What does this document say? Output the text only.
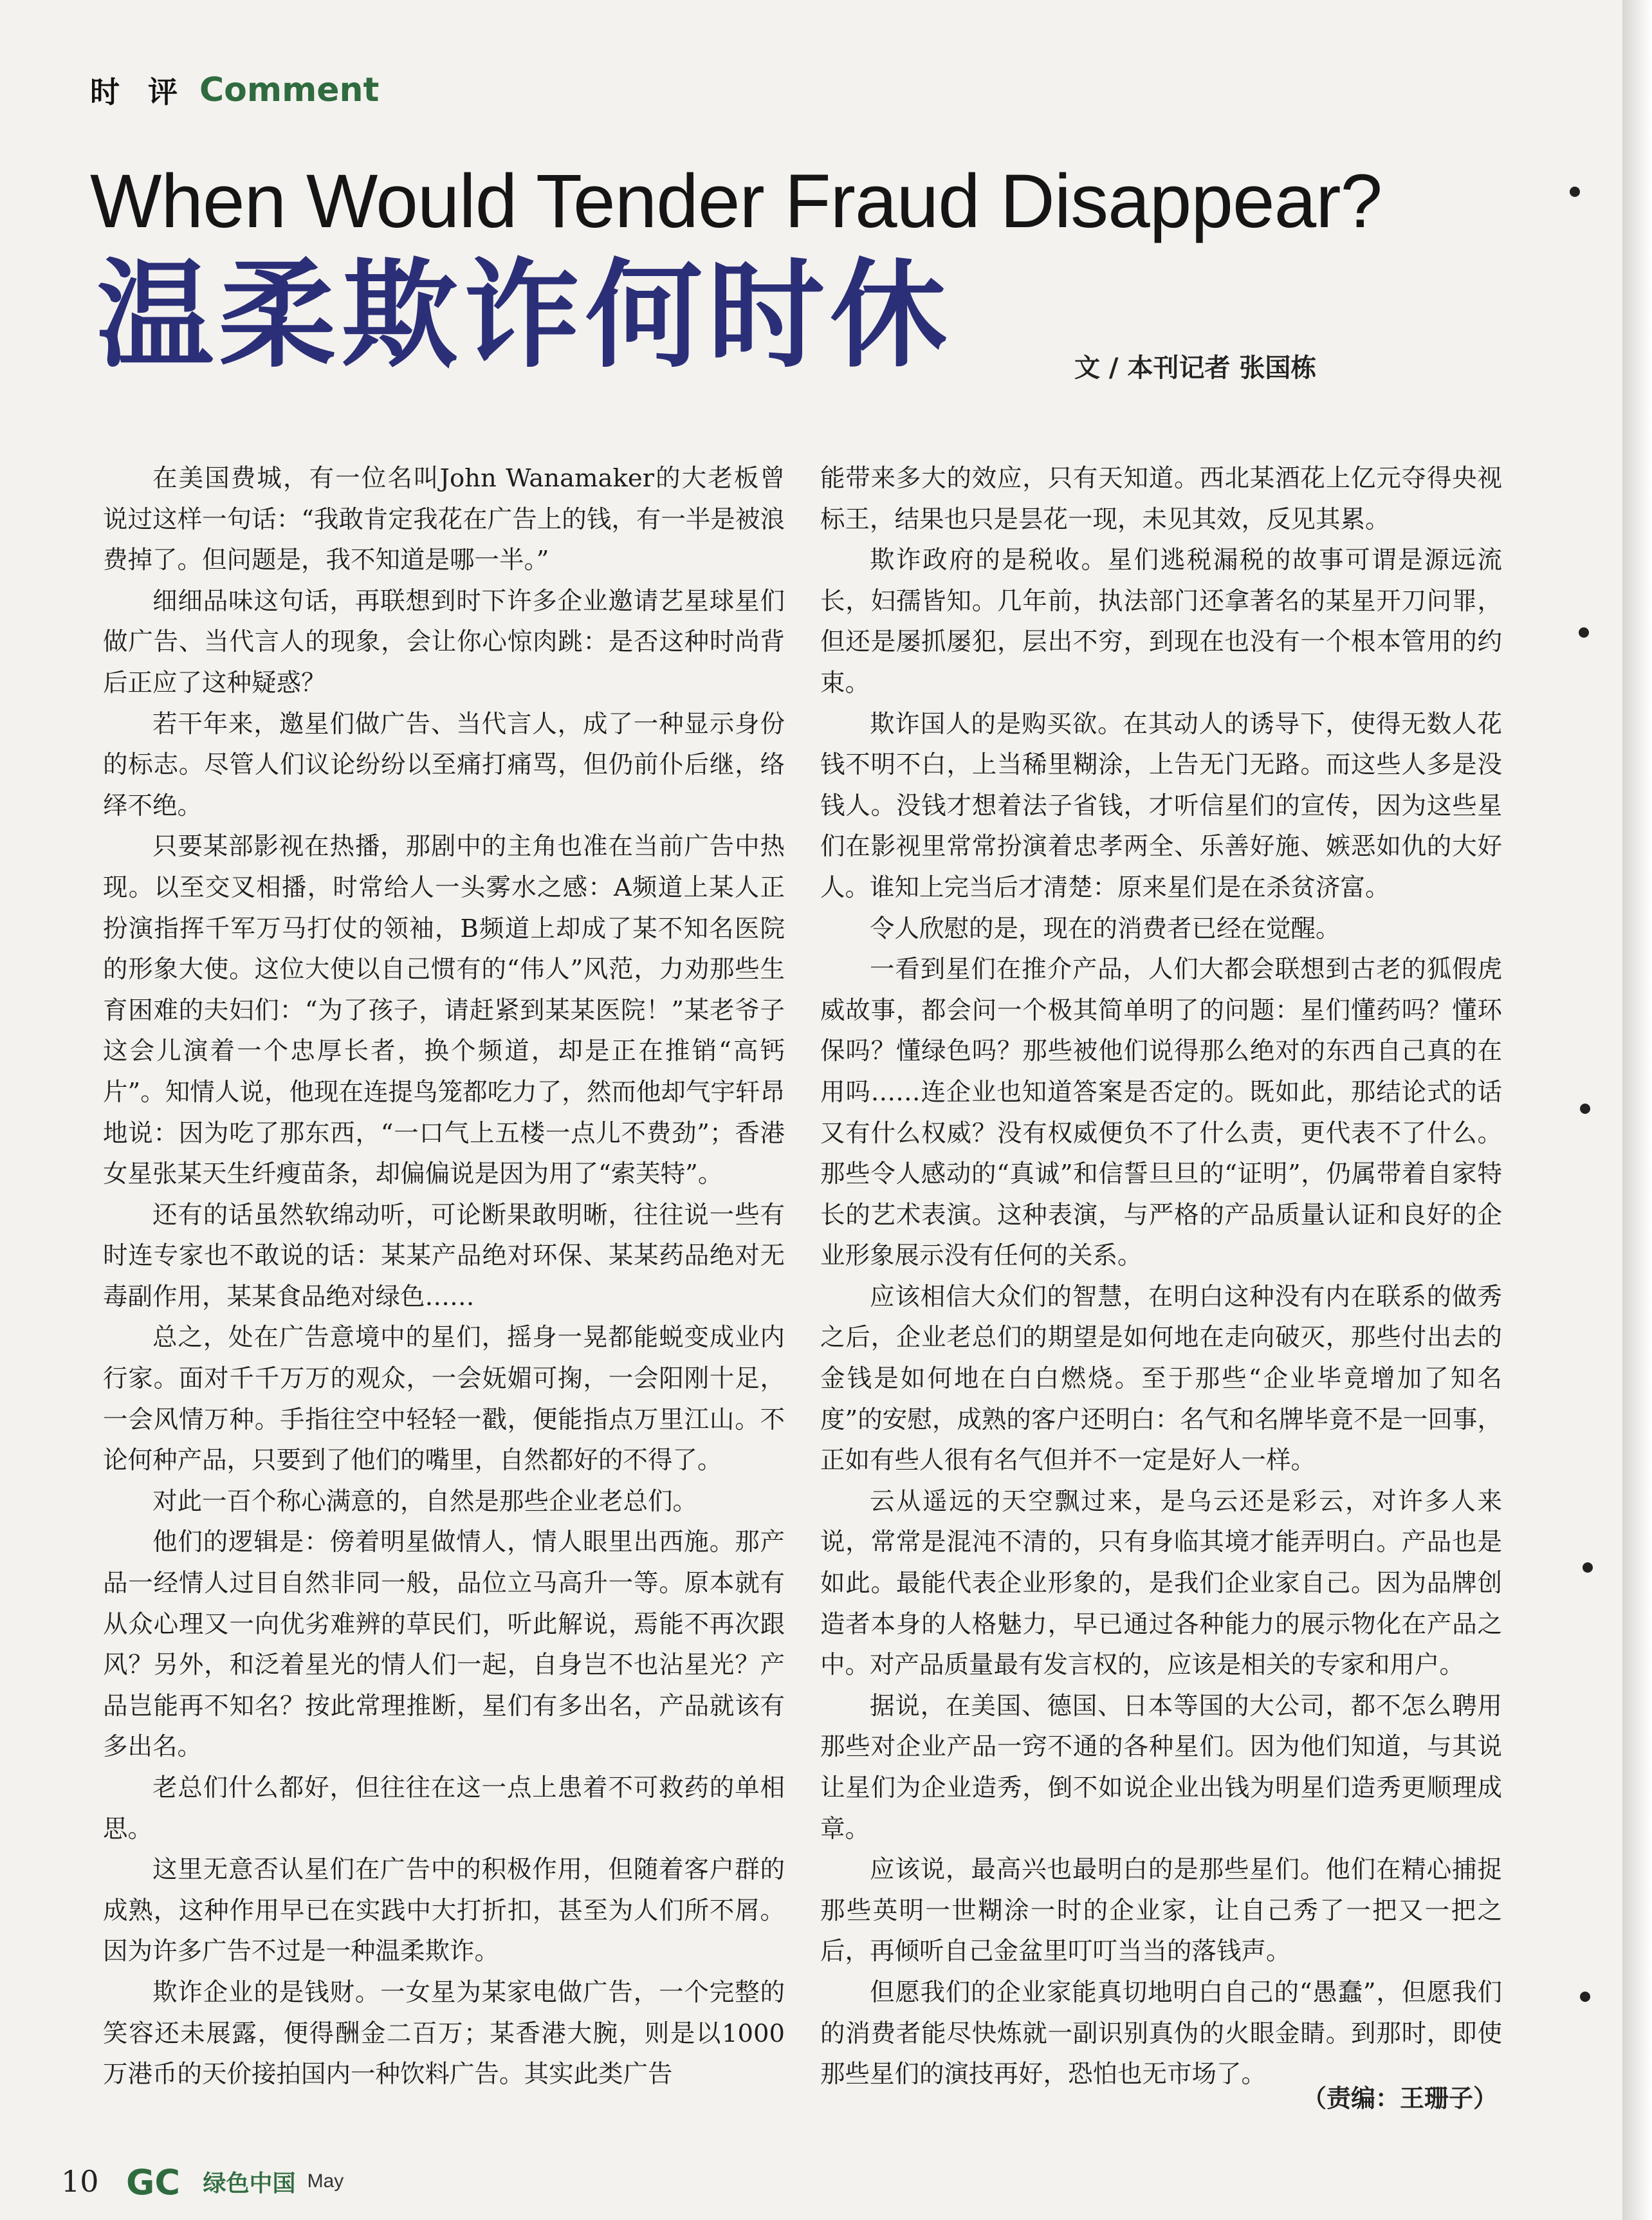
时 评 Comment
When Would Tender Fraud Disappear?
温柔欺诈何时休	文 / 本刊记者 张国栋

在美国费城，有一位名叫John Wanamaker的大老板曾说过这样一句话：“我敢肯定我花在广告上的钱，有一半是被浪费掉了。但问题是，我不知道是哪一半。”

细细品味这句话，再联想到时下许多企业邀请艺星球星们做广告、当代言人的现象，会让你心惊肉跳：是否这种时尚背后正应了这种疑惑？

若干年来，邀星们做广告、当代言人，成了一种显示身份的标志。尽管人们议论纷纷以至痛打痛骂，但仍前仆后继，络绎不绝。

只要某部影视在热播，那剧中的主角也准在当前广告中热现。以至交叉相播，时常给人一头雾水之感：A频道上某人正扮演指挥千军万马打仗的领袖，B频道上却成了某不知名医院的形象大使。这位大使以自己惯有的“伟人”风范，力劝那些生育困难的夫妇们：“为了孩子，请赶紧到某某医院！”某老爷子这会儿演着一个忠厚长者，换个频道，却是正在推销“高钙片”。知情人说，他现在连提鸟笼都吃力了，然而他却气宇轩昂地说：因为吃了那东西，“一口气上五楼一点儿不费劲”；香港女星张某天生纤瘦苗条，却偏偏说是因为用了“索芙特”。

还有的话虽然软绵动听，可论断果敢明晰，往往说一些有时连专家也不敢说的话：某某产品绝对环保、某某药品绝对无毒副作用，某某食品绝对绿色……

总之，处在广告意境中的星们，摇身一晃都能蜕变成业内行家。面对千千万万的观众，一会妩媚可掬，一会阳刚十足，一会风情万种。手指往空中轻轻一戳，便能指点万里江山。不论何种产品，只要到了他们的嘴里，自然都好的不得了。

对此一百个称心满意的，自然是那些企业老总们。

他们的逻辑是：傍着明星做情人，情人眼里出西施。那产品一经情人过目自然非同一般，品位立马高升一等。原本就有从众心理又一向优劣难辨的草民们，听此解说，焉能不再次跟风？另外，和泛着星光的情人们一起，自身岂不也沾星光？产品岂能再不知名？按此常理推断，星们有多出名，产品就该有多出名。

老总们什么都好，但往往在这一点上患着不可救药的单相思。

这里无意否认星们在广告中的积极作用，但随着客户群的成熟，这种作用早已在实践中大打折扣，甚至为人们所不屑。因为许多广告不过是一种温柔欺诈。

欺诈企业的是钱财。一女星为某家电做广告，一个完整的笑容还未展露，便得酬金二百万；某香港大腕，则是以1000万港币的天价接拍国内一种饮料广告。其实此类广告

能带来多大的效应，只有天知道。西北某酒花上亿元夺得央视标王，结果也只是昙花一现，未见其效，反见其累。

欺诈政府的是税收。星们逃税漏税的故事可谓是源远流长，妇孺皆知。几年前，执法部门还拿著名的某星开刀问罪，但还是屡抓屡犯，层出不穷，到现在也没有一个根本管用的约束。

欺诈国人的是购买欲。在其动人的诱导下，使得无数人花钱不明不白，上当稀里糊涂，上告无门无路。而这些人多是没钱人。没钱才想着法子省钱，才听信星们的宣传，因为这些星们在影视里常常扮演着忠孝两全、乐善好施、嫉恶如仇的大好人。谁知上完当后才清楚：原来星们是在杀贫济富。

令人欣慰的是，现在的消费者已经在觉醒。

一看到星们在推介产品，人们大都会联想到古老的狐假虎威故事，都会问一个极其简单明了的问题：星们懂药吗？懂环保吗？懂绿色吗？那些被他们说得那么绝对的东西自己真的在用吗……连企业也知道答案是否定的。既如此，那结论式的话又有什么权威？没有权威便负不了什么责，更代表不了什么。那些令人感动的“真诚”和信誓旦旦的“证明”，仍属带着自家特长的艺术表演。这种表演，与严格的产品质量认证和良好的企业形象展示没有任何的关系。

应该相信大众们的智慧，在明白这种没有内在联系的做秀之后，企业老总们的期望是如何地在走向破灭，那些付出去的金钱是如何地在白白燃烧。至于那些“企业毕竟增加了知名度”的安慰，成熟的客户还明白：名气和名牌毕竟不是一回事，正如有些人很有名气但并不一定是好人一样。

云从遥远的天空飘过来，是乌云还是彩云，对许多人来说，常常是混沌不清的，只有身临其境才能弄明白。产品也是如此。最能代表企业形象的，是我们企业家自己。因为品牌创造者本身的人格魅力，早已通过各种能力的展示物化在产品之中。对产品质量最有发言权的，应该是相关的专家和用户。

据说，在美国、德国、日本等国的大公司，都不怎么聘用那些对企业产品一窍不通的各种星们。因为他们知道，与其说让星们为企业造秀，倒不如说企业出钱为明星们造秀更顺理成章。

应该说，最高兴也最明白的是那些星们。他们在精心捕捉那些英明一世糊涂一时的企业家，让自己秀了一把又一把之后，再倾听自己金盆里叮叮当当的落钱声。

但愿我们的企业家能真切地明白自己的“愚蠢”，但愿我们的消费者能尽快炼就一副识别真伪的火眼金睛。到那时，即使那些星们的演技再好，恐怕也无市场了。

（责编：王珊子）
10 GC 绿色中国 May
